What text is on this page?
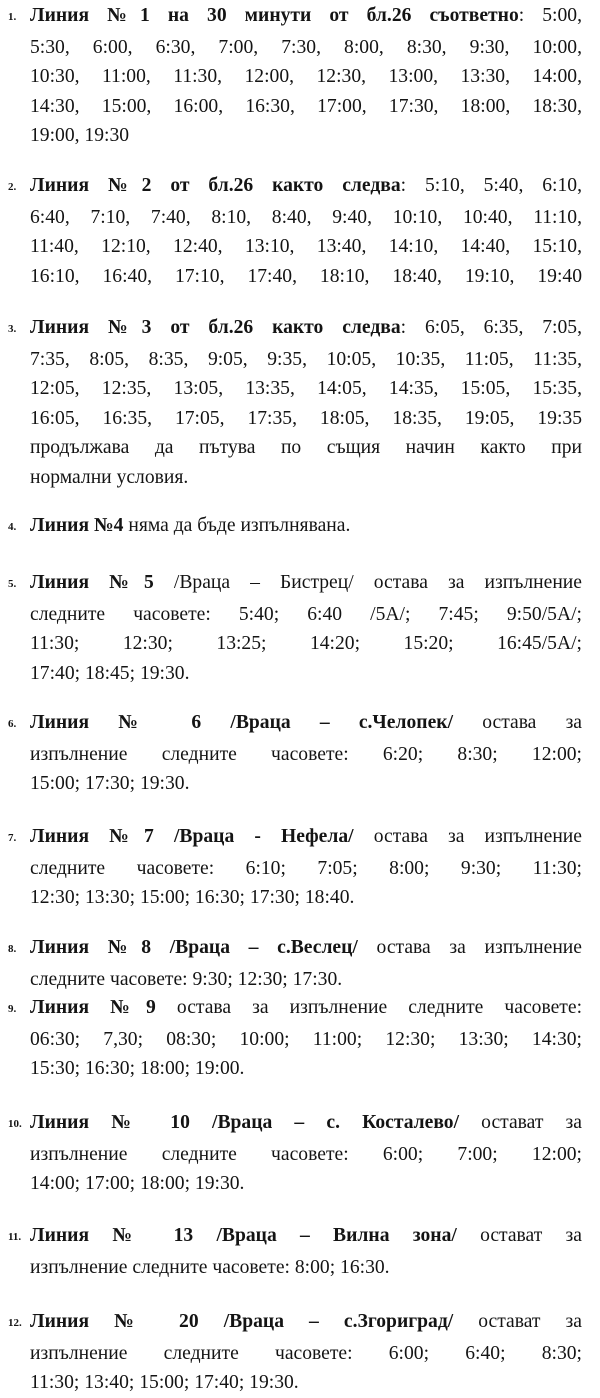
1. Линия №1 на 30 минути от бл.26 съответно: 5:00,
5:30, 6:00, 6:30, 7:00, 7:30, 8:00, 8:30, 9:30, 10:00,
10:30, 11:00, 11:30, 12:00, 12:30, 13:00, 13:30, 14:00,
14:30, 15:00, 16:00, 16:30, 17:00, 17:30, 18:00, 18:30,
19:00, 19:30
2. Линия №2 от бл.26 както следва: 5:10, 5:40, 6:10,
6:40, 7:10, 7:40, 8:10, 8:40, 9:40, 10:10, 10:40, 11:10,
11:40, 12:10, 12:40, 13:10, 13:40, 14:10, 14:40, 15:10,
16:10, 16:40, 17:10, 17:40, 18:10, 18:40, 19:10, 19:40
3. Линия №3 от бл.26 както следва: 6:05, 6:35, 7:05,
7:35, 8:05, 8:35, 9:05, 9:35, 10:05, 10:35, 11:05, 11:35,
12:05, 12:35, 13:05, 13:35, 14:05, 14:35, 15:05, 15:35,
16:05, 16:35, 17:05, 17:35, 18:05, 18:35, 19:05, 19:35
продължава да пътува по същия начин както при
нормални условия.
4. Линия №4 няма да бъде изпълнявана.
5. Линия №5 /Враца – Бистрец/ остава за изпълнение
следните часовете: 5:40; 6:40 /5А/; 7:45; 9:50/5А/;
11:30; 12:30; 13:25; 14:20; 15:20; 16:45/5А/;
17:40; 18:45; 19:30.
6. Линия № 6 /Враца – с.Челопек/ остава за
изпълнение следните часовете: 6:20; 8:30; 12:00;
15:00; 17:30; 19:30.
7. Линия №7 /Враца - Нефела/ остава за изпълнение
следните часовете: 6:10; 7:05; 8:00; 9:30; 11:30;
12:30; 13:30; 15:00; 16:30; 17:30; 18:40.
8. Линия №8 /Враца – с.Веслец/ остава за изпълнение
следните часовете: 9:30; 12:30; 17:30.
9. Линия №9 остава за изпълнение следните часовете:
06:30; 7,30; 08:30; 10:00; 11:00; 12:30; 13:30; 14:30;
15:30; 16:30; 18:00; 19:00.
10. Линия № 10 /Враца – с. Косталево/ остават за
изпълнение следните часовете: 6:00; 7:00; 12:00;
14:00; 17:00; 18:00; 19:30.
11. Линия № 13 /Враца – Вилна зона/ остават за
изпълнение следните часовете: 8:00; 16:30.
12. Линия № 20 /Враца – с.Згориград/ остават за
изпълнение следните часовете: 6:00; 6:40; 8:30;
11:30; 13:40; 15:00; 17:40; 19:30.
